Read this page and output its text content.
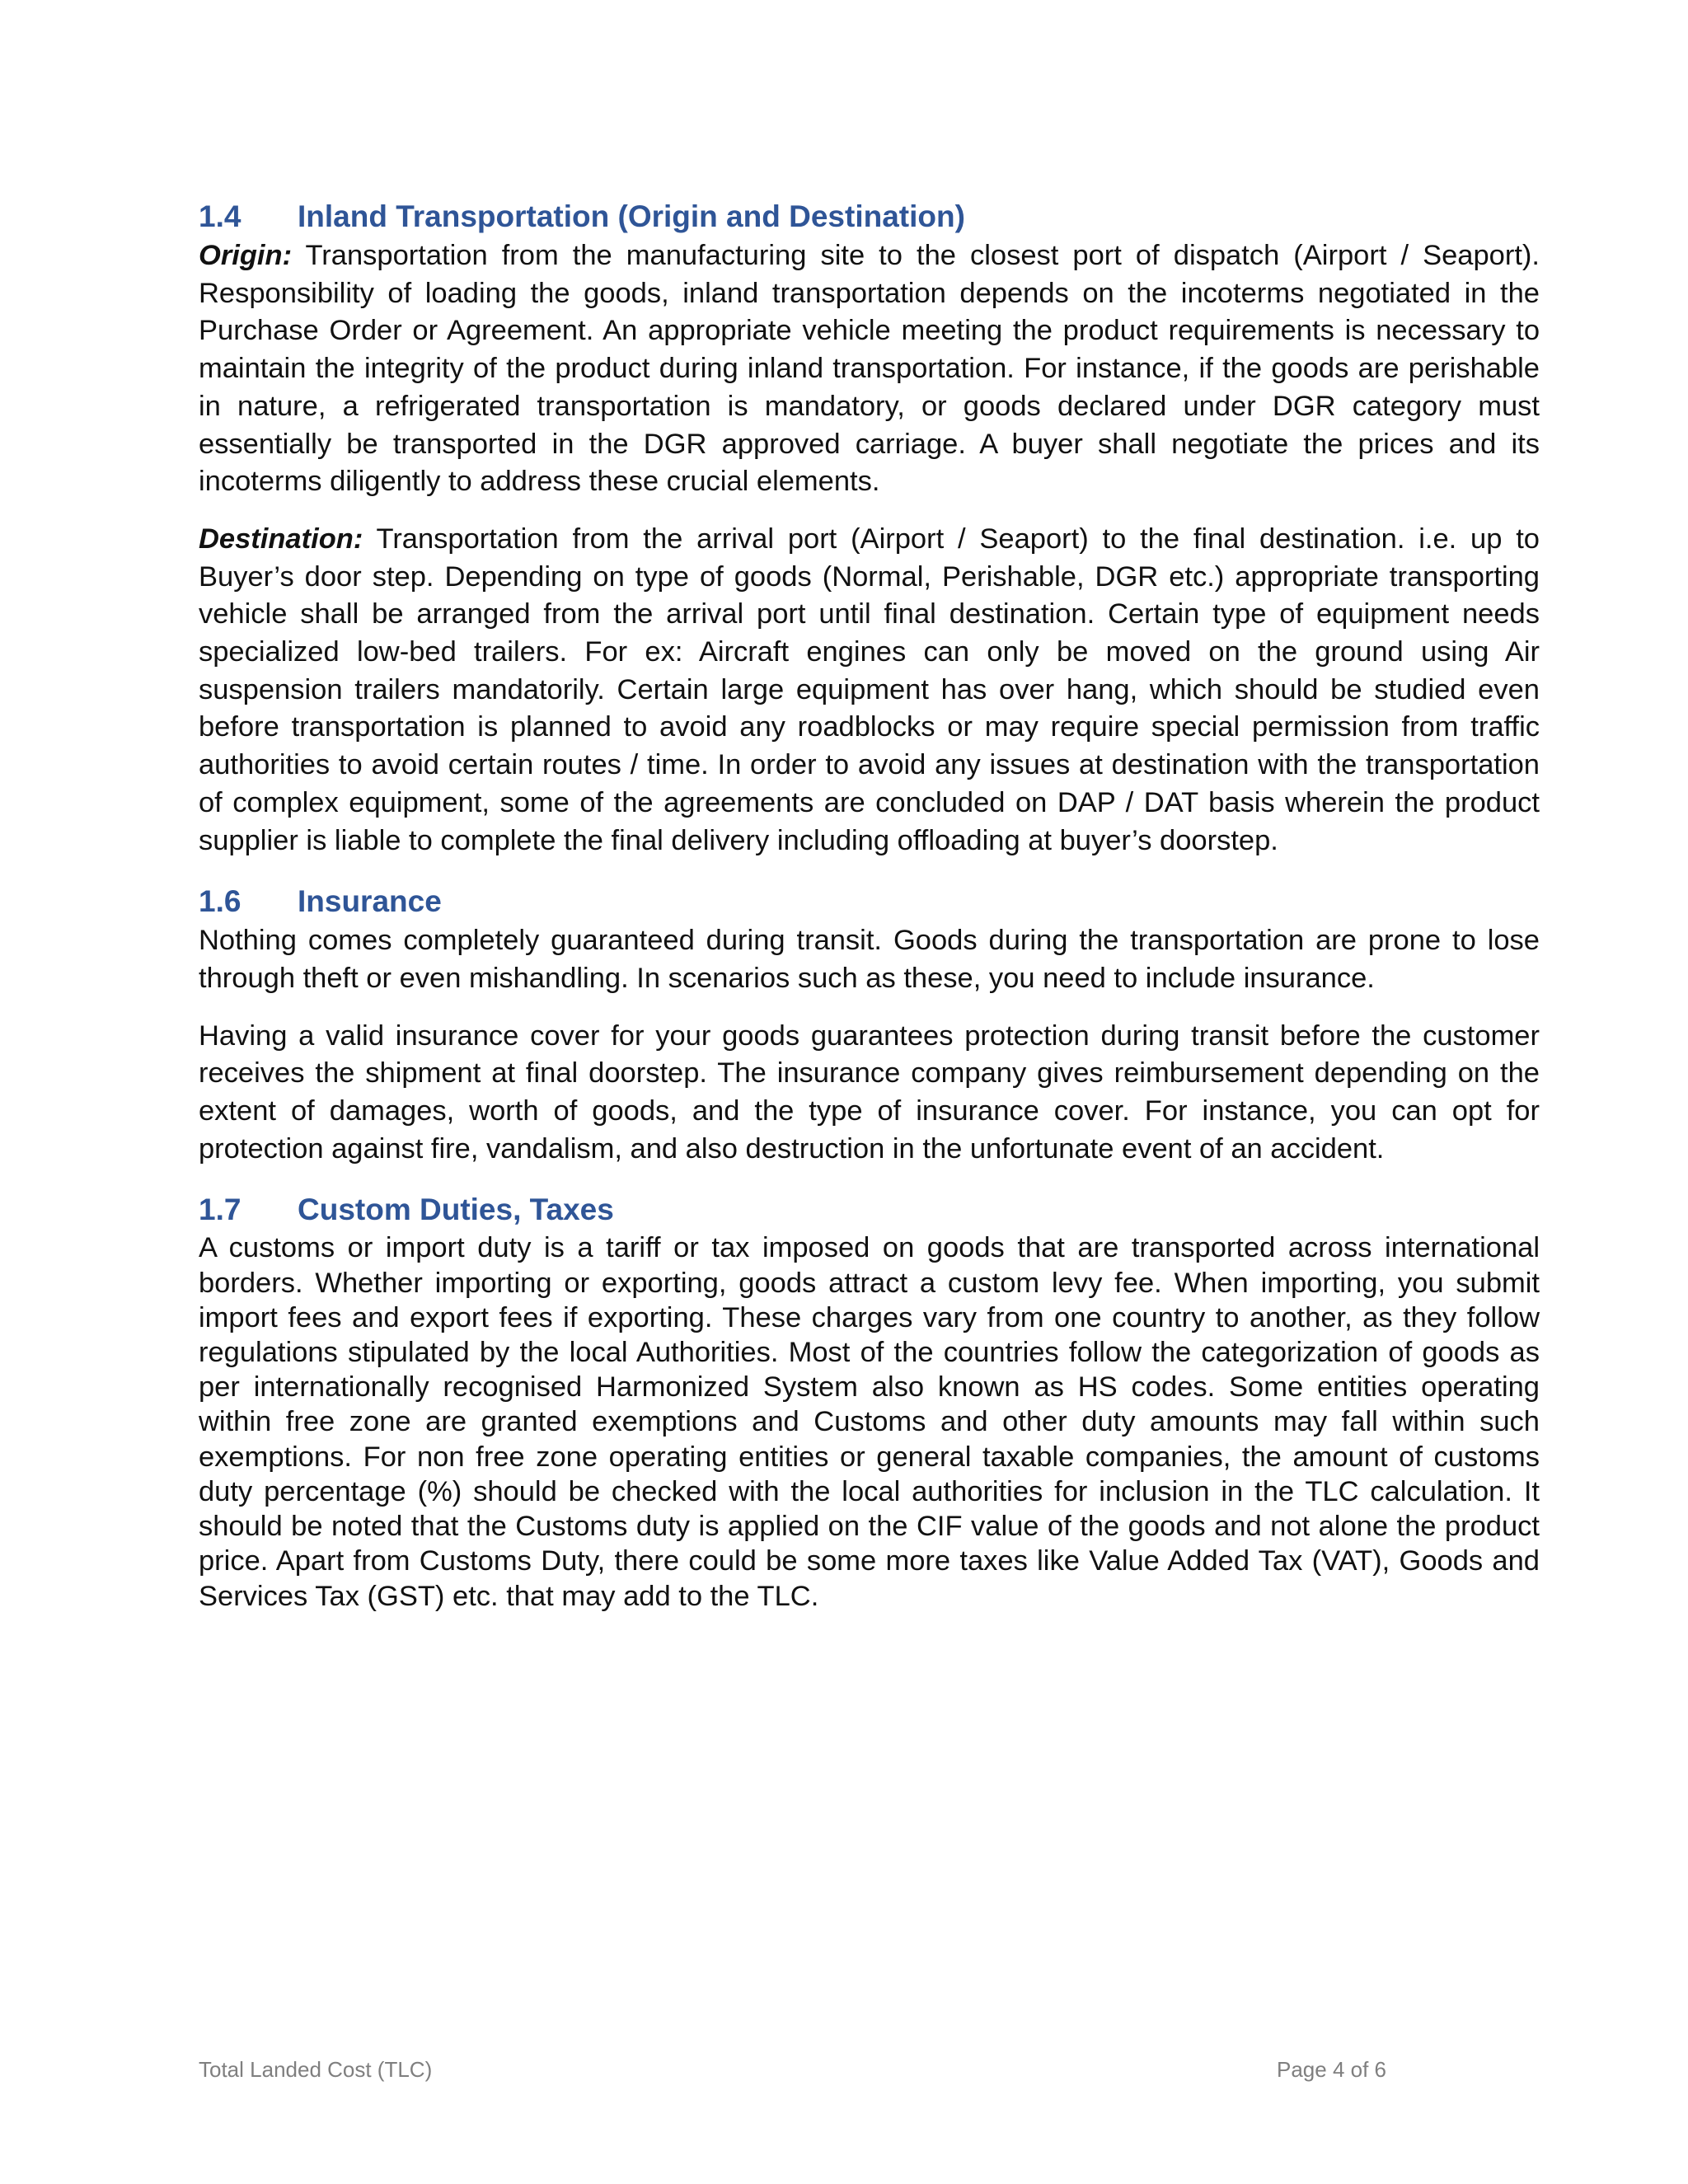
1.4	Inland Transportation (Origin and Destination)

Origin: Transportation from the manufacturing site to the closest port of dispatch (Airport / Seaport). Responsibility of loading the goods, inland transportation depends on the incoterms negotiated in the Purchase Order or Agreement. An appropriate vehicle meeting the product requirements is necessary to maintain the integrity of the product during inland transportation. For instance, if the goods are perishable in nature, a refrigerated transportation is mandatory, or goods declared under DGR category must essentially be transported in the DGR approved carriage. A buyer shall negotiate the prices and its incoterms diligently to address these crucial elements.

Destination: Transportation from the arrival port (Airport / Seaport) to the final destination. i.e. up to Buyer’s door step. Depending on type of goods (Normal, Perishable, DGR etc.) appropriate transporting vehicle shall be arranged from the arrival port until final destination. Certain type of equipment needs specialized low-bed trailers. For ex: Aircraft engines can only be moved on the ground using Air suspension trailers mandatorily. Certain large equipment has over hang, which should be studied even before transportation is planned to avoid any roadblocks or may require special permission from traffic authorities to avoid certain routes / time. In order to avoid any issues at destination with the transportation of complex equipment, some of the agreements are concluded on DAP / DAT basis wherein the product supplier is liable to complete the final delivery including offloading at buyer’s doorstep.

1.6	Insurance

Nothing comes completely guaranteed during transit. Goods during the transportation are prone to lose through theft or even mishandling. In scenarios such as these, you need to include insurance.

Having a valid insurance cover for your goods guarantees protection during transit before the customer receives the shipment at final doorstep. The insurance company gives reimbursement depending on the extent of damages, worth of goods, and the type of insurance cover. For instance, you can opt for protection against fire, vandalism, and also destruction in the unfortunate event of an accident.

1.7	Custom Duties, Taxes

A customs or import duty is a tariff or tax imposed on goods that are transported across international borders. Whether importing or exporting, goods attract a custom levy fee. When importing, you submit import fees and export fees if exporting. These charges vary from one country to another, as they follow regulations stipulated by the local Authorities. Most of the countries follow the categorization of goods as per internationally recognised Harmonized System also known as HS codes. Some entities operating within free zone are granted exemptions and Customs and other duty amounts may fall within such exemptions. For non free zone operating entities or general taxable companies, the amount of customs duty percentage (%) should be checked with the local authorities for inclusion in the TLC calculation. It should be noted that the Customs duty is applied on the CIF value of the goods and not alone the product price. Apart from Customs Duty, there could be some more taxes like Value Added Tax (VAT), Goods and Services Tax (GST) etc. that may add to the TLC.

Total Landed Cost (TLC)	Page 4 of 6
